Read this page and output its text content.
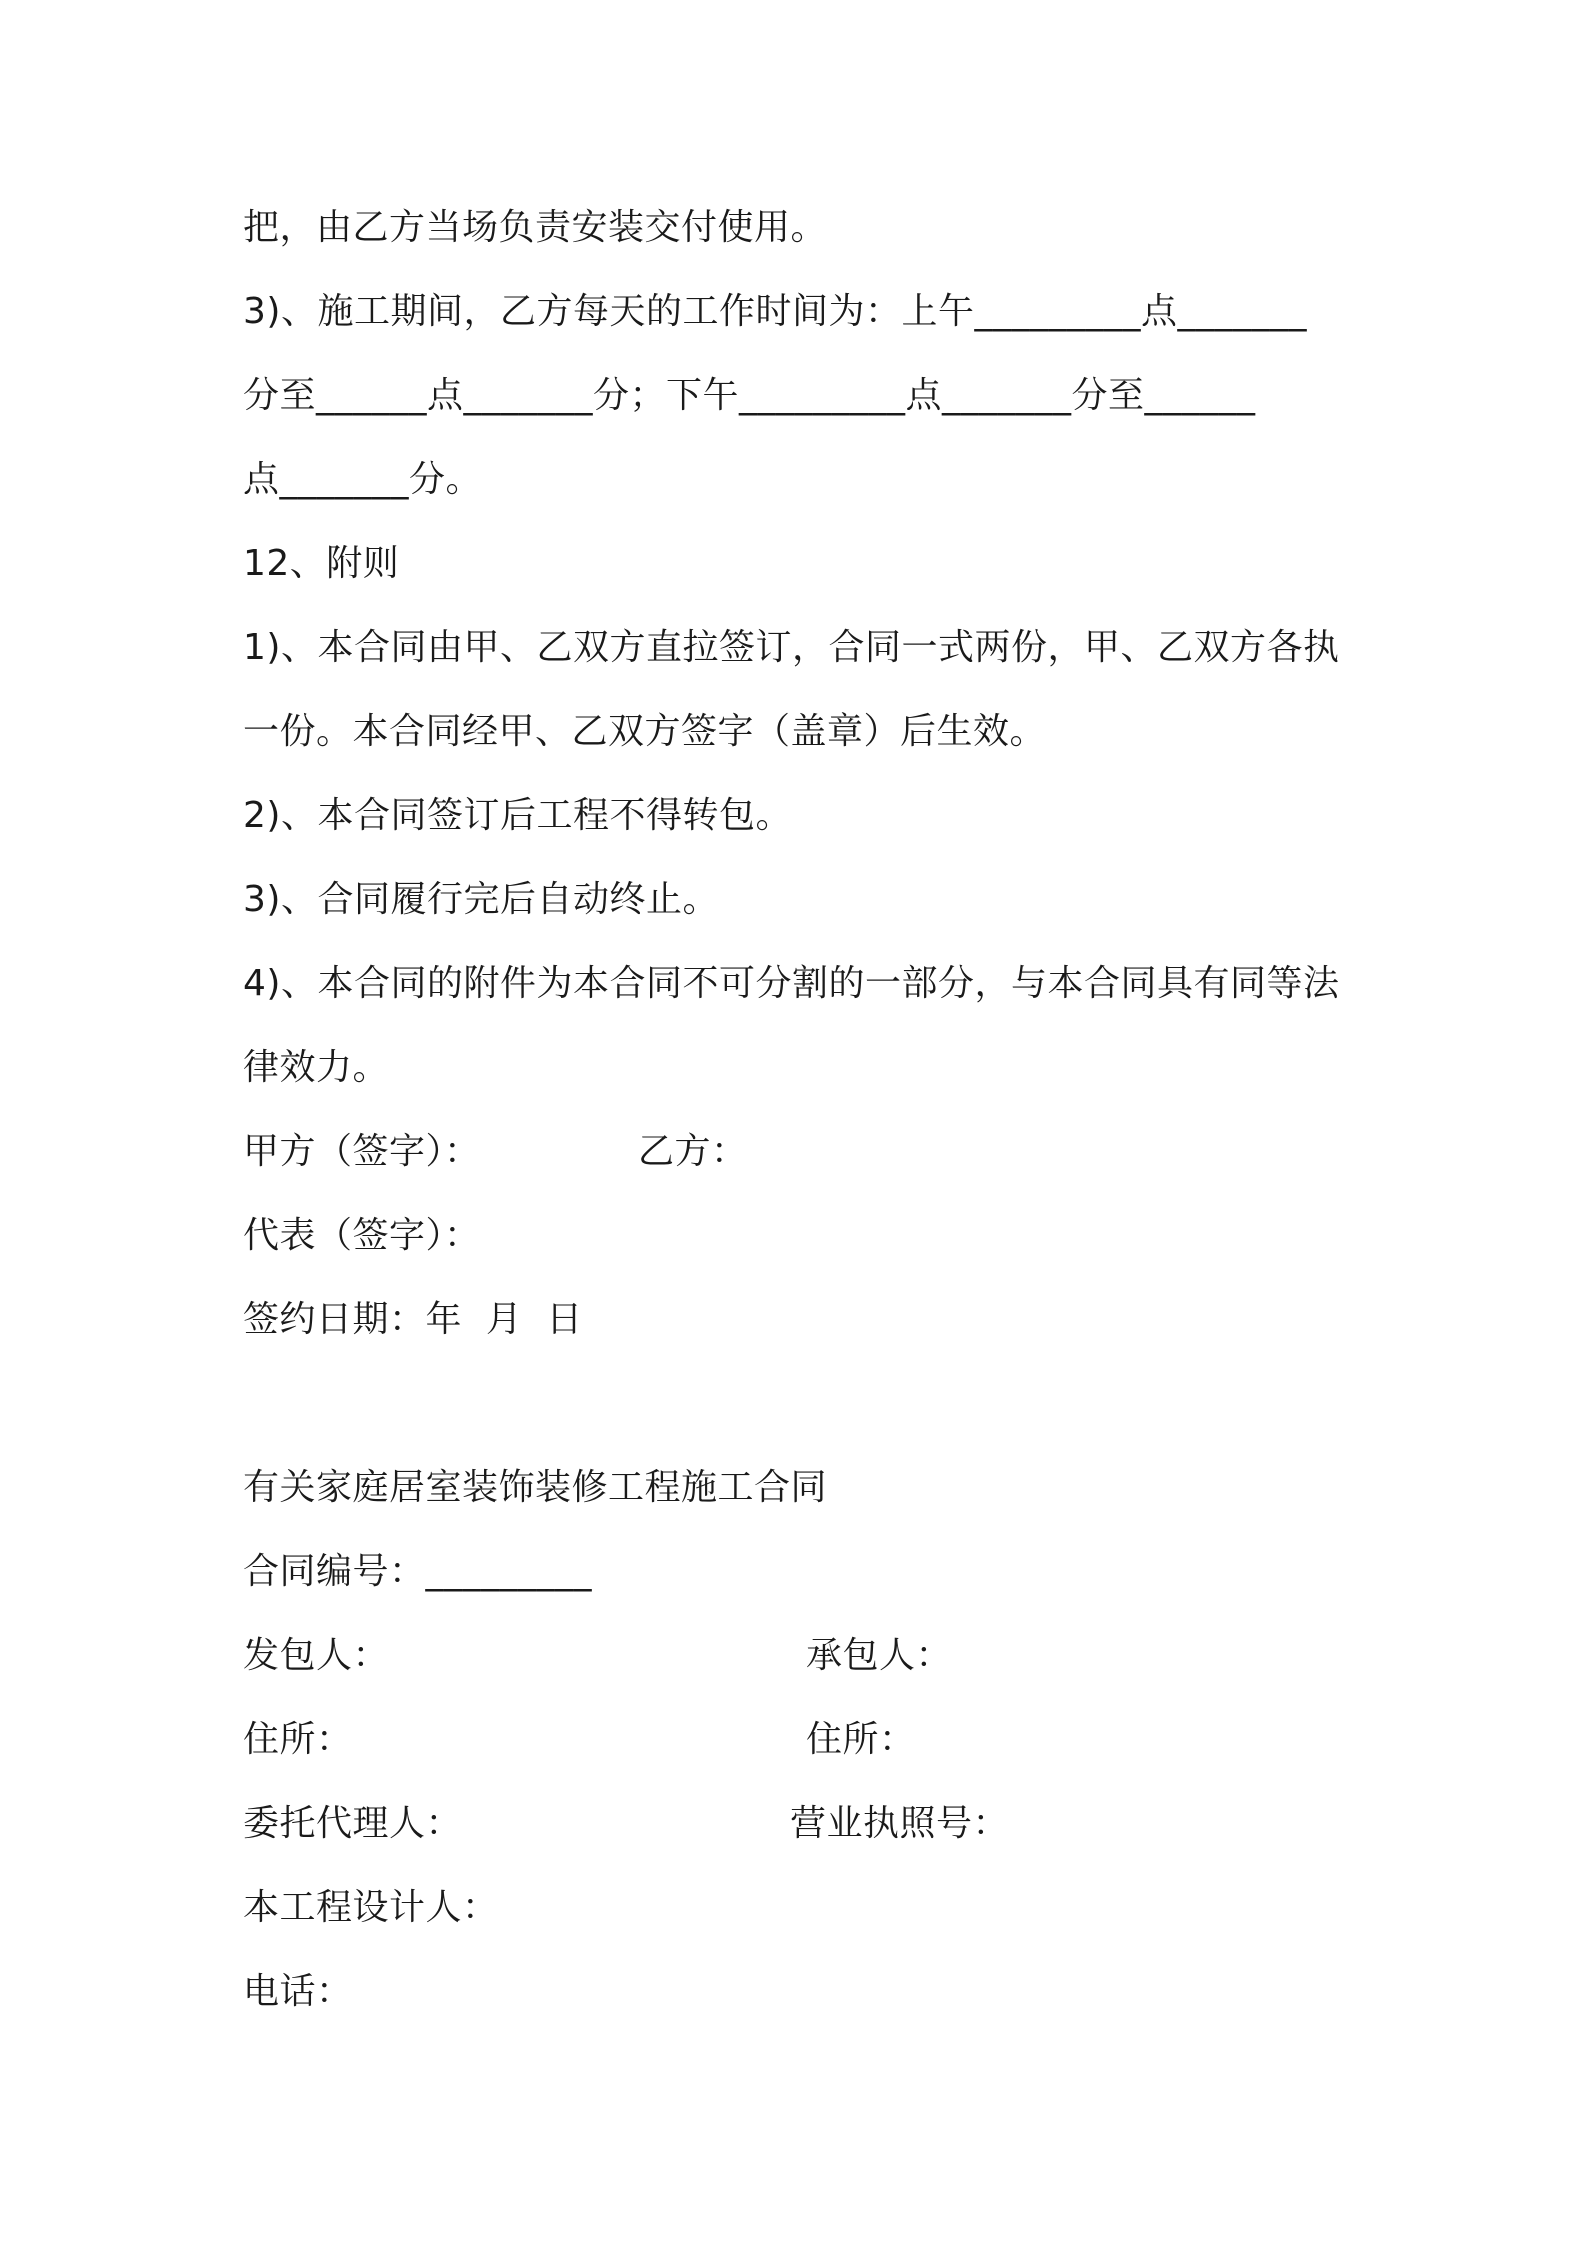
把，由乙方当场负责安装交付使用。
3)、施工期间，乙方每天的工作时间为：上午_________点_______
分至______点_______分；下午_________点_______分至______
点_______分。
12、附则
1)、本合同由甲、乙双方直拉签订，合同一式两份，甲、乙双方各执
一份。本合同经甲、乙双方签字（盖章）后生效。
2)、本合同签订后工程不得转包。
3)、合同履行完后自动终止。
4)、本合同的附件为本合同不可分割的一部分，与本合同具有同等法
律效力。
甲方（签字）：	乙方：
代表（签字）：
签约日期：年  月  日
有关家庭居室装饰装修工程施工合同
合同编号：_________
发包人：	承包人：
住所：	住所：
委托代理人：	营业执照号：
本工程设计人：
电话：
